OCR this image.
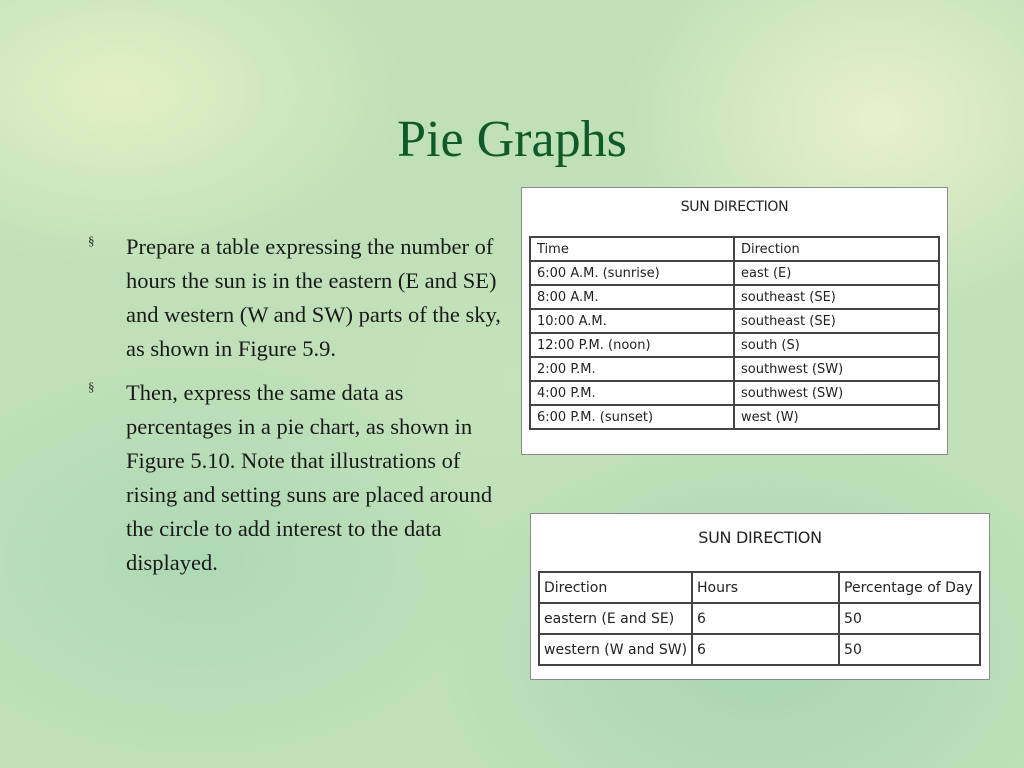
Pie Graphs
§ Prepare a table expressing the number of hours the sun is in the eastern (E and SE) and western (W and SW) parts of the sky, as shown in Figure 5.9.
§ Then, express the same data as percentages in a pie chart, as shown in Figure 5.10. Note that illustrations of rising and setting suns are placed around the circle to add interest to the data displayed.
SUN DIRECTION
Time	Direction
6:00 A.M. (sunrise)	east (E)
8:00 A.M.	southeast (SE)
10:00 A.M.	southeast (SE)
12:00 P.M. (noon)	south (S)
2:00 P.M.	southwest (SW)
4:00 P.M.	southwest (SW)
6:00 P.M. (sunset)	west (W)
SUN DIRECTION
Direction	Hours	Percentage of Day
eastern (E and SE)	6	50
western (W and SW)	6	50
